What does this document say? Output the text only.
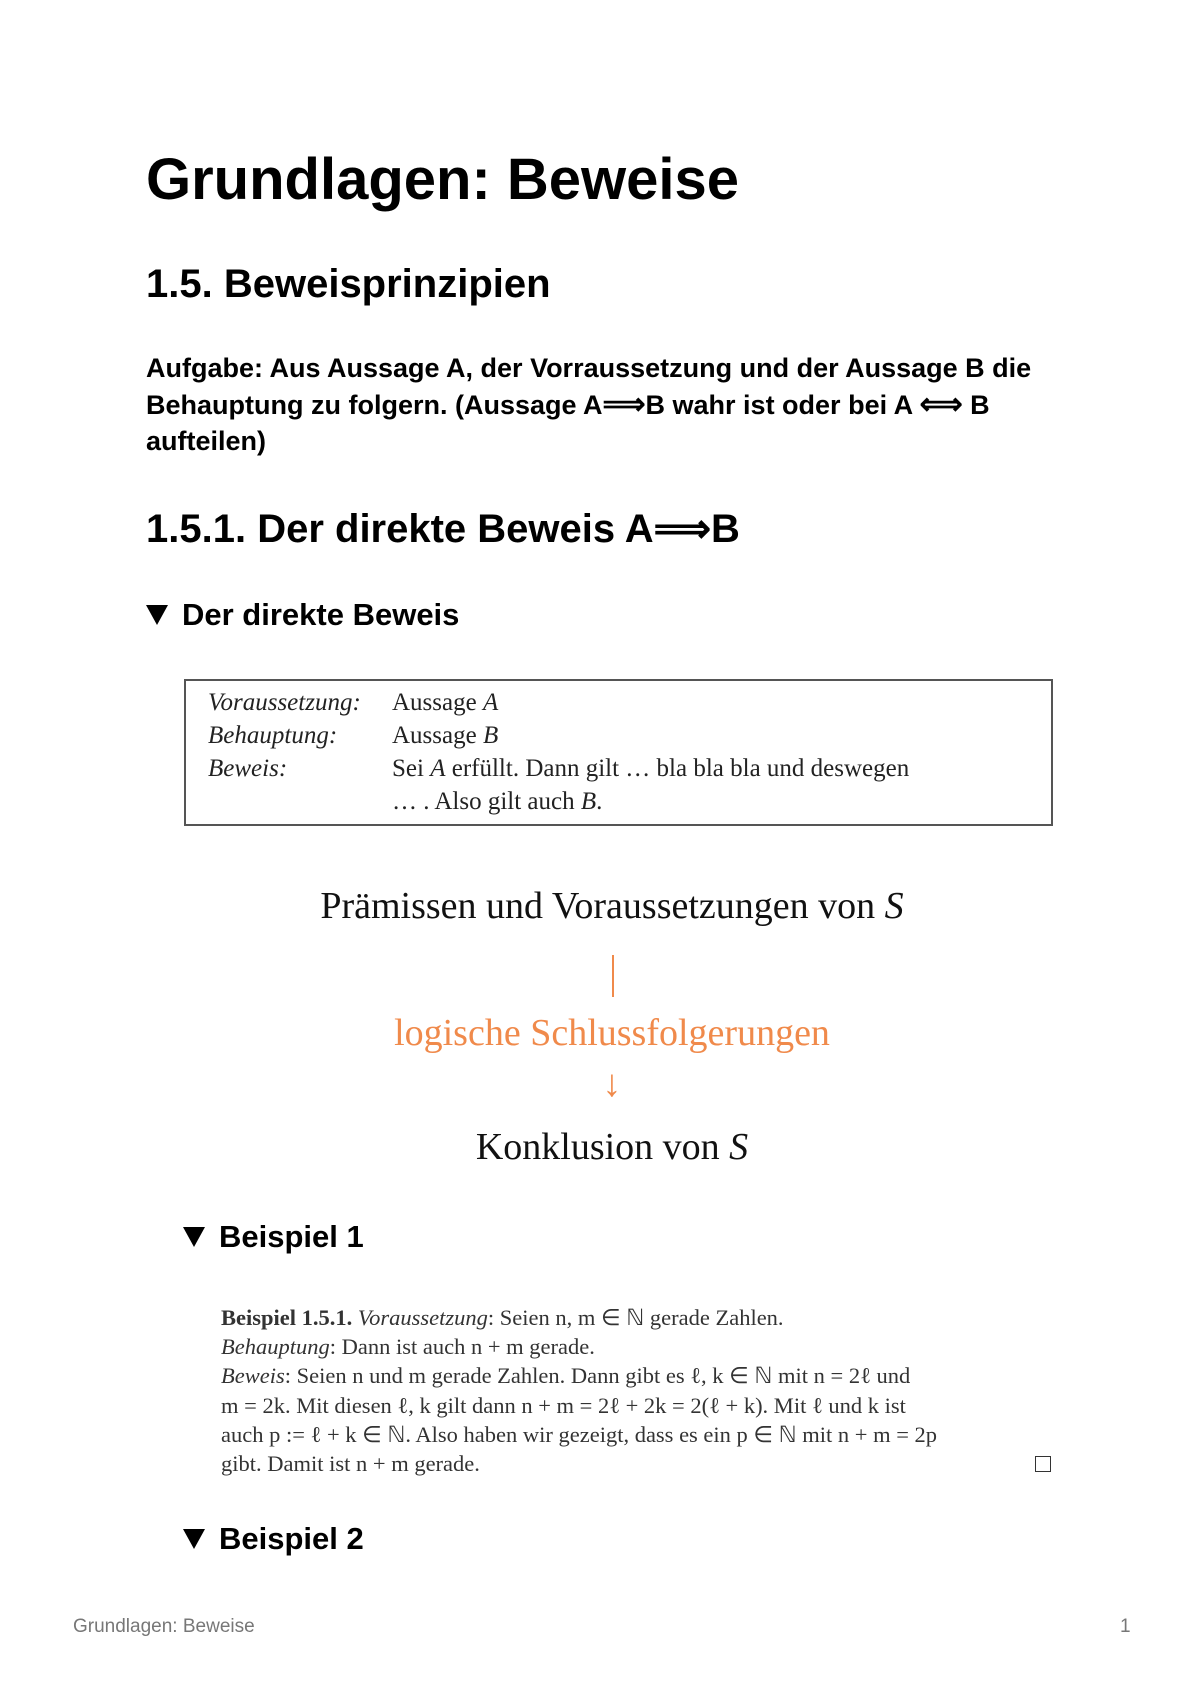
Grundlagen: Beweise
1.5. Beweisprinzipien

Aufgabe: Aus Aussage A, der Vorraussetzung und der Aussage B die Behauptung zu folgern. (Aussage A⟹B wahr ist oder bei A ⟺ B aufteilen)

1.5.1. Der direkte Beweis A⟹B
Der direkte Beweis
Voraussetzung: Aussage A
Behauptung: Aussage B
Beweis:	Sei A erfüllt. Dann gilt … bla bla bla und deswegen
… . Also gilt auch B.
Prämissen und Voraussetzungen von S
logische Schlussfolgerungen
↓
Konklusion von S
Beispiel 1
Beispiel 1.5.1.
Voraussetzung : Seien n, m ∈ ℕ gerade Zahlen.
Behauptung : Dann ist auch n + m gerade.
Beweis : Seien n und m gerade Zahlen. Dann gibt es ℓ, k ∈ ℕ mit n = 2ℓ und
m = 2k. Mit diesen ℓ, k gilt dann n + m = 2ℓ + 2k = 2(ℓ + k). Mit ℓ und k ist
auch p := ℓ + k ∈ ℕ. Also haben wir gezeigt, dass es ein p ∈ ℕ mit n + m = 2p
gibt. Damit ist n + m gerade.
Beispiel 2
Grundlagen: Beweise	1
